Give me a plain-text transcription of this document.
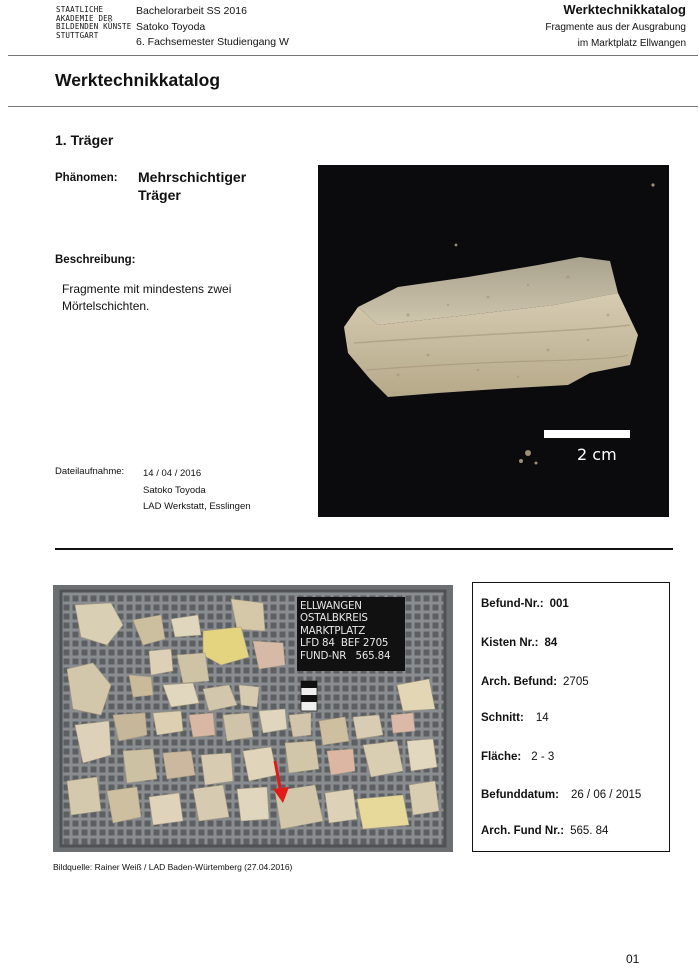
STAATLICHE
AKADEMIE DER
BILDENDEN KÜNSTE
STUTTGART
Bachelorarbeit SS 2016
Satoko Toyoda
6. Fachsemester Studiengang W
Werktechnikkatalog
Fragmente aus der Ausgrabung
im Marktplatz Ellwangen
Werktechnikkatalog
1. Träger
Phänomen: Mehrschichtiger
Träger
Beschreibung:
Fragmente mit mindestens zwei
Mörtelschichten.
Dateilaufnahme: 14 / 04 / 2016
Satoko Toyoda
LAD Werkstatt, Esslingen
2 cm
ELLWANGEN
OSTALBKREIS
MARKTPLATZ
LFD 84  BEF 2705
FUND-NR   565.84
Bildquelle: Rainer Weiß / LAD Baden-Würtemberg (27.04.2016)
Befund-Nr.: 001
Kisten Nr.: 84
Arch. Befund: 2705
Schnitt: 14
Fläche: 2 - 3
Befunddatum: 26 / 06 / 2015
Arch. Fund Nr.: 565. 84
01
